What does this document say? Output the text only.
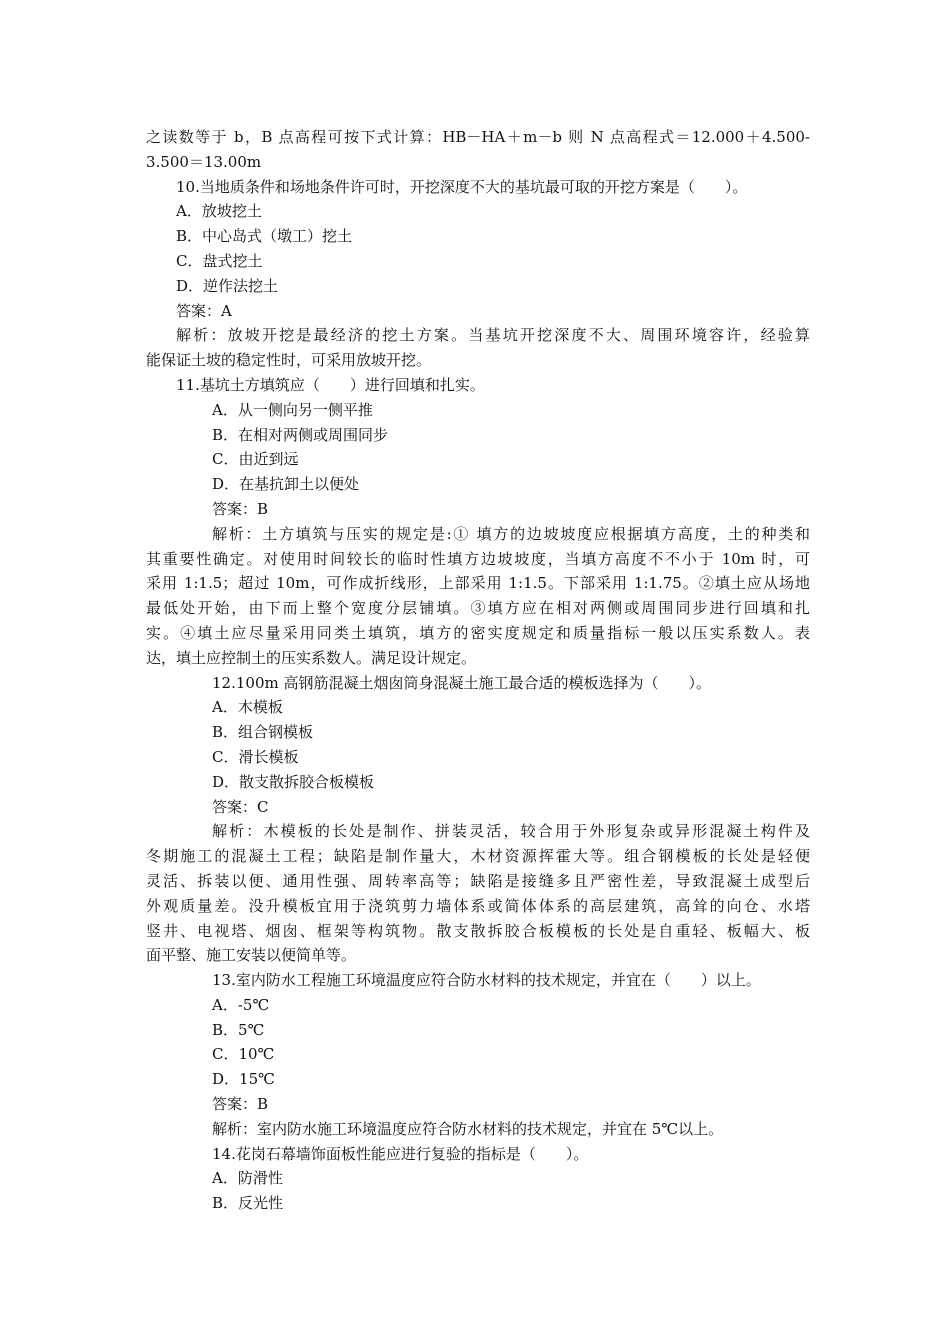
之读数等于 b，B 点高程可按下式计算：HB－HA＋m－b 则 N 点高程式＝12.000＋4.500-
3.500＝13.00m
10.当地质条件和场地条件许可时，开挖深度不大的基坑最可取的开挖方案是（　　）。
A．放坡挖土
B．中心岛式（墩工）挖土
C．盘式挖土
D．逆作法挖土
答案：A
解析：放坡开挖是最经济的挖土方案。当基坑开挖深度不大、周围环境容许，经验算
能保证土坡的稳定性时，可采用放坡开挖。
11.基坑土方填筑应（　　）进行回填和扎实。
A．从一侧向另一侧平推
B．在相对两侧或周围同步
C．由近到远
D．在基抗卸土以便处
答案：B
解析：土方填筑与压实的规定是:① 填方的边坡坡度应根据填方高度，土的种类和
其重要性确定。对使用时间较长的临时性填方边坡坡度，当填方高度不不小于 10m 时，可
采用 1:1.5；超过 10m，可作成折线形，上部采用 1:1.5。下部采用 1:1.75。②填土应从场地
最低处开始，由下而上整个宽度分层铺填。③填方应在相对两侧或周围同步进行回填和扎
实。④填土应尽量采用同类土填筑，填方的密实度规定和质量指标一般以压实系数人。表
达，填土应控制土的压实系数人。满足设计规定。
12.100m 高钢筋混凝土烟囱筒身混凝土施工最合适的模板选择为（　　）。
A．木模板
B．组合钢模板
C．滑长模板
D．散支散拆胶合板模板
答案：C
解析：木模板的长处是制作、拼装灵活，较合用于外形复杂或异形混凝土构件及
冬期施工的混凝土工程；缺陷是制作量大，木材资源挥霍大等。组合钢模板的长处是轻便
灵活、拆装以便、通用性强、周转率高等；缺陷是接缝多且严密性差，导致混凝土成型后
外观质量差。没升模板宜用于浇筑剪力墙体系或简体体系的高层建筑，高耸的向仓、水塔
竖井、电视塔、烟囱、框架等构筑物。散支散拆胶合板模板的长处是自重轻、板幅大、板
面平整、施工安装以便简单等。
13.室内防水工程施工环境温度应符合防水材料的技术规定，并宜在（　　）以上。
A．-5℃
B．5℃
C．10℃
D．15℃
答案：B
解析：室内防水施工环境温度应符合防水材料的技术规定，并宜在 5℃以上。
14.花岗石幕墙饰面板性能应进行复验的指标是（　　）。
A．防滑性
B．反光性
